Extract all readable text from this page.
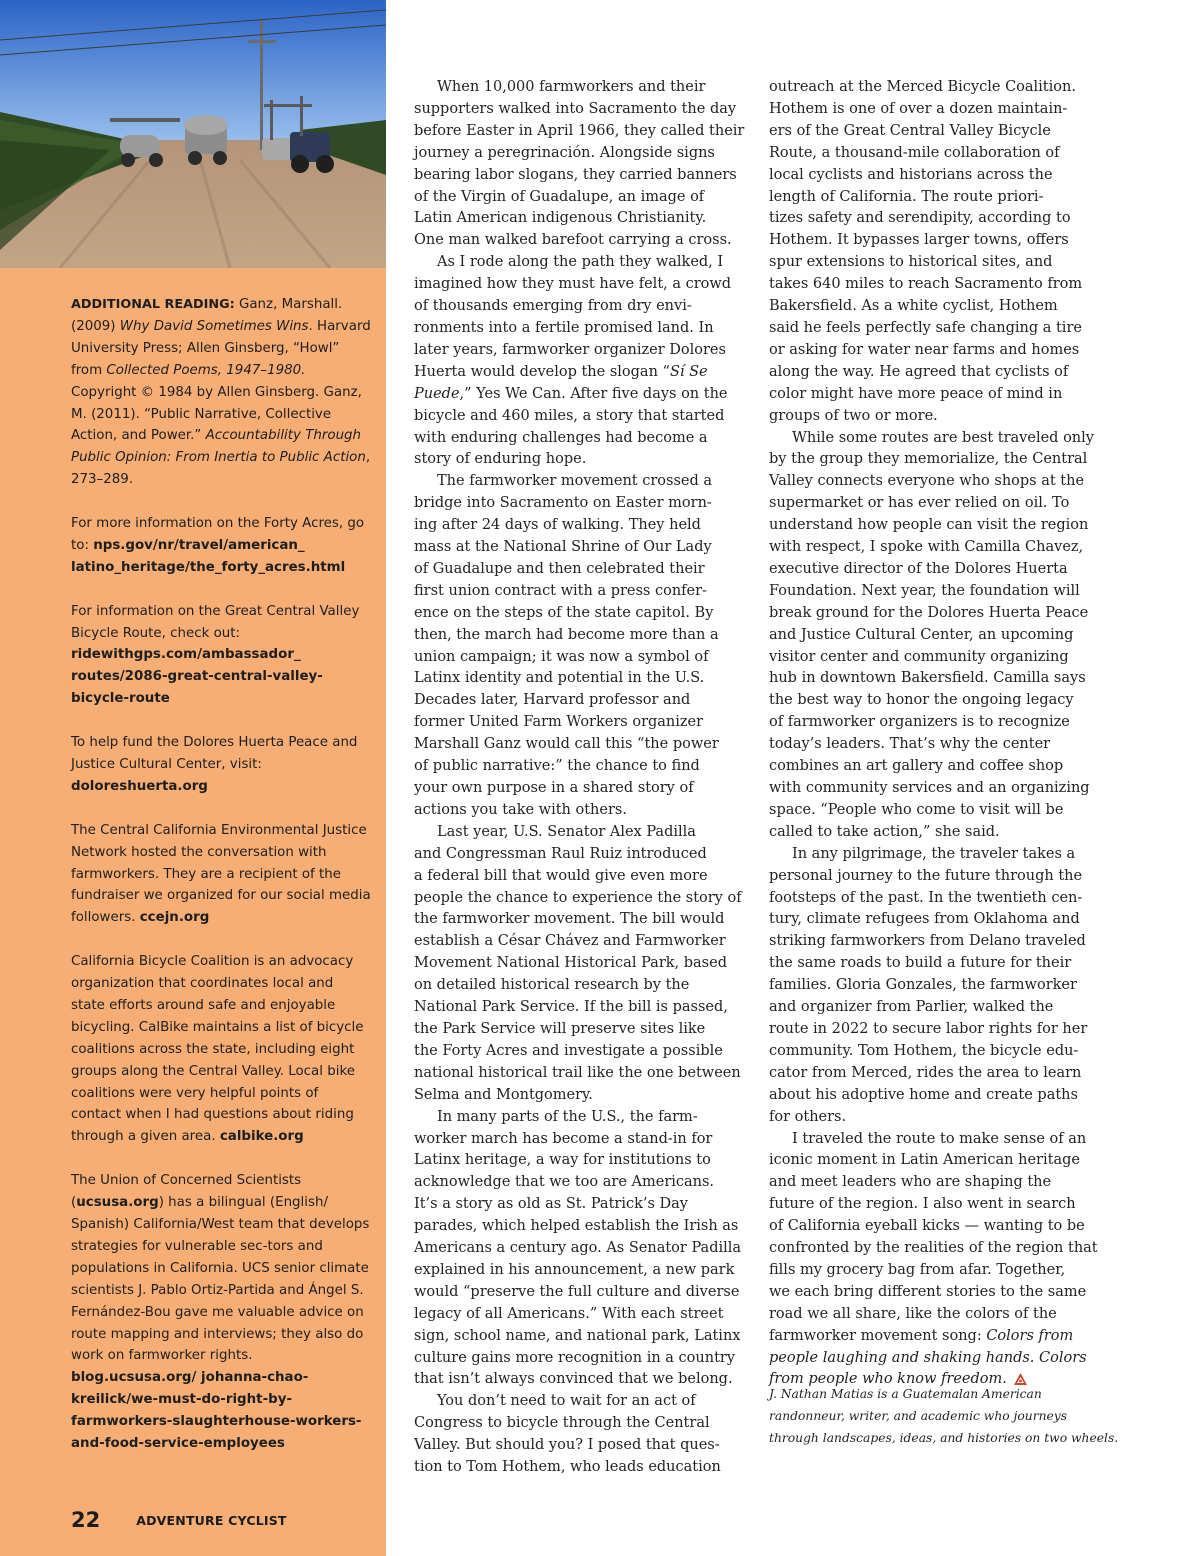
ADDITIONAL READING: Ganz, Marshall. (2009) Why David Sometimes Wins. Harvard University Press; Allen Ginsberg, “Howl” from Collected Poems, 1947–1980. Copyright © 1984 by Allen Ginsberg. Ganz, M. (2011). “Public Narrative, Collective Action, and Power.” Accountability Through Public Opinion: From Inertia to Public Action, 273–289.

For more information on the Forty Acres, go to: nps.gov/nr/travel/american_ latino_heritage/the_forty_acres.html

For information on the Great Central Valley Bicycle Route, check out: ridewithgps.com/ambassador_ routes/2086-great-central-valley-bicycle-route

To help fund the Dolores Huerta Peace and Justice Cultural Center, visit: doloreshuerta.org

The Central California Environmental Justice Network hosted the conversation with farmworkers. They are a recipient of the fundraiser we organized for our social media followers. ccejn.org

California Bicycle Coalition is an advocacy organization that coordinates local and state efforts around safe and enjoyable bicycling. CalBike maintains a list of bicycle coalitions across the state, including eight groups along the Central Valley. Local bike coalitions were very helpful points of contact when I had questions about riding through a given area. calbike.org

The Union of Concerned Scientists (ucsusa.org) has a bilingual (English/ Spanish) California/West team that develops strategies for vulnerable sec-tors and populations in California. UCS senior climate scientists J. Pablo Ortiz-Partida and Ángel S. Fernández-Bou gave me valuable advice on route mapping and interviews; they also do work on farmworker rights. blog.ucsusa.org/ johanna-chao-kreilick/we-must-do-right-by-farmworkers-slaughterhouse-workers-and-food-service-employees

22	ADVENTURE CYCLIST
When 10,000 farmworkers and their
supporters walked into Sacramento the day
before Easter in April 1966, they called their
journey a peregrinación. Alongside signs
bearing labor slogans, they carried banners
of the Virgin of Guadalupe, an image of
Latin American indigenous Christianity.
One man walked barefoot carrying a cross.
As I rode along the path they walked, I
imagined how they must have felt, a crowd
of thousands emerging from dry envi-
ronments into a fertile promised land. In
later years, farmworker organizer Dolores
Huerta would develop the slogan “Sí Se
Puede,” Yes We Can. After five days on the
bicycle and 460 miles, a story that started
with enduring challenges had become a
story of enduring hope.
The farmworker movement crossed a
bridge into Sacramento on Easter morn-
ing after 24 days of walking. They held
mass at the National Shrine of Our Lady
of Guadalupe and then celebrated their
first union contract with a press confer-
ence on the steps of the state capitol. By
then, the march had become more than a
union campaign; it was now a symbol of
Latinx identity and potential in the U.S.
Decades later, Harvard professor and
former United Farm Workers organizer
Marshall Ganz would call this “the power
of public narrative:” the chance to find
your own purpose in a shared story of
actions you take with others.
Last year, U.S. Senator Alex Padilla
and Congressman Raul Ruiz introduced
a federal bill that would give even more
people the chance to experience the story of
the farmworker movement. The bill would
establish a César Chávez and Farmworker
Movement National Historical Park, based
on detailed historical research by the
National Park Service. If the bill is passed,
the Park Service will preserve sites like
the Forty Acres and investigate a possible
national historical trail like the one between
Selma and Montgomery.
In many parts of the U.S., the farm-
worker march has become a stand-in for
Latinx heritage, a way for institutions to
acknowledge that we too are Americans.
It’s a story as old as St. Patrick’s Day
parades, which helped establish the Irish as
Americans a century ago. As Senator Padilla
explained in his announcement, a new park
would “preserve the full culture and diverse
legacy of all Americans.” With each street
sign, school name, and national park, Latinx
culture gains more recognition in a country
that isn’t always convinced that we belong.
You don’t need to wait for an act of
Congress to bicycle through the Central
Valley. But should you? I posed that ques-
tion to Tom Hothem, who leads education
outreach at the Merced Bicycle Coalition.
Hothem is one of over a dozen maintain-
ers of the Great Central Valley Bicycle
Route, a thousand-mile collaboration of
local cyclists and historians across the
length of California. The route priori-
tizes safety and serendipity, according to
Hothem. It bypasses larger towns, offers
spur extensions to historical sites, and
takes 640 miles to reach Sacramento from
Bakersfield. As a white cyclist, Hothem
said he feels perfectly safe changing a tire
or asking for water near farms and homes
along the way. He agreed that cyclists of
color might have more peace of mind in
groups of two or more.
While some routes are best traveled only
by the group they memorialize, the Central
Valley connects everyone who shops at the
supermarket or has ever relied on oil. To
understand how people can visit the region
with respect, I spoke with Camilla Chavez,
executive director of the Dolores Huerta
Foundation. Next year, the foundation will
break ground for the Dolores Huerta Peace
and Justice Cultural Center, an upcoming
visitor center and community organizing
hub in downtown Bakersfield. Camilla says
the best way to honor the ongoing legacy
of farmworker organizers is to recognize
today’s leaders. That’s why the center
combines an art gallery and coffee shop
with community services and an organizing
space. “People who come to visit will be
called to take action,” she said.
In any pilgrimage, the traveler takes a
personal journey to the future through the
footsteps of the past. In the twentieth cen-
tury, climate refugees from Oklahoma and
striking farmworkers from Delano traveled
the same roads to build a future for their
families. Gloria Gonzales, the farmworker
and organizer from Parlier, walked the
route in 2022 to secure labor rights for her
community. Tom Hothem, the bicycle edu-
cator from Merced, rides the area to learn
about his adoptive home and create paths
for others.
I traveled the route to make sense of an
iconic moment in Latin American heritage
and meet leaders who are shaping the
future of the region. I also went in search
of California eyeball kicks — wanting to be
confronted by the realities of the region that
fills my grocery bag from afar. Together,
we each bring different stories to the same
road we all share, like the colors of the
farmworker movement song: Colors from
people laughing and shaking hands. Colors
from people who know freedom.
J. Nathan Matias is a Guatemalan American
randonneur, writer, and academic who journeys
through landscapes, ideas, and histories on two wheels.
